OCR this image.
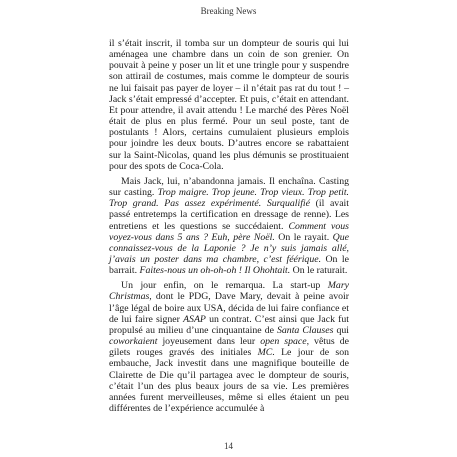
Breaking News

il s’était inscrit, il tomba sur un dompteur de souris qui lui aménagea une chambre dans un coin de son grenier. On pouvait à peine y poser un lit et une tringle pour y suspendre son attirail de costumes, mais comme le dompteur de souris ne lui faisait pas payer de loyer – il n’était pas rat du tout ! – Jack s’était empressé d’accepter. Et puis, c’était en attendant. Et pour attendre, il avait attendu ! Le marché des Pères Noël était de plus en plus fermé. Pour un seul poste, tant de postulants ! Alors, certains cumulaient plusieurs emplois pour joindre les deux bouts. D’autres encore se rabattaient sur la Saint-Nicolas, quand les plus démunis se prostituaient pour des spots de Coca-Cola.

Mais Jack, lui, n’abandonna jamais. Il enchaîna. Casting sur casting. Trop maigre. Trop jeune. Trop vieux. Trop petit. Trop grand. Pas assez expérimenté. Surqualifié (il avait passé entretemps la certification en dressage de renne). Les entretiens et les questions se succédaient. Comment vous voyez-vous dans 5 ans ? Euh, père Noël. On le rayait. Que connaissez-vous de la Laponie ? Je n’y suis jamais allé, j’avais un poster dans ma chambre, c’est féérique. On le barrait. Faites-nous un oh-oh-oh ! Il Ohohtait. On le raturait.

Un jour enfin, on le remarqua. La start-up Mary Christmas, dont le PDG, Dave Mary, devait à peine avoir l’âge légal de boire aux USA, décida de lui faire confiance et de lui faire signer ASAP un contrat. C’est ainsi que Jack fut propulsé au milieu d’une cinquantaine de Santa Clauses qui coworkaient joyeusement dans leur open space, vêtus de gilets rouges gravés des initiales MC. Le jour de son embauche, Jack investit dans une magnifique bouteille de Clairette de Die qu’il partagea avec le dompteur de souris, c’était l’un des plus beaux jours de sa vie. Les premières années furent merveilleuses, même si elles étaient un peu différentes de l’expérience accumulée à

14
